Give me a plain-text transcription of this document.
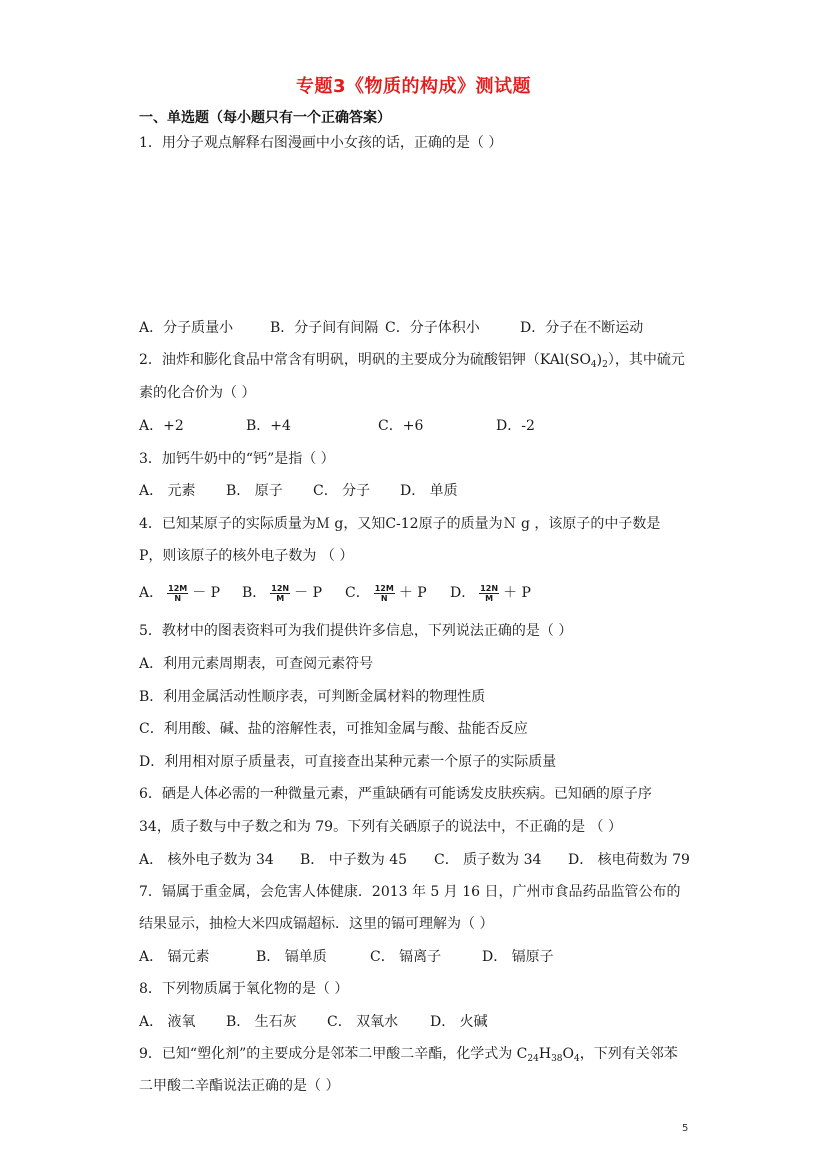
专题3《物质的构成》测试题
一、单选题（每小题只有一个正确答案）
1．用分子观点解释右图漫画中小女孩的话，正确的是（ ）
A．分子质量小	B．分子间有间隔 C．分子体积小	D．分子在不断运动
2．油炸和膨化食品中常含有明矾，明矾的主要成分为硫酸铝钾$(KAl(SO_4)_2)$，其中硫元
素的化合价为（ ）
A．+2	B．+4	C．+6	D．-2
3．加钙牛奶中的“钙”是指（ ）
A． 元素 B． 原子 C． 分子 D． 单质
4．已知某原子的实际质量为Ｍ g，又知C-12原子的质量为Ｎ g ，该原子的中子数是
P，则该原子的核外电子数为 （ ）
A． $\frac{12M}{N} - P$ B． $\frac{12N}{M} - P$ C． $\frac{12M}{N} + P$ D． $\frac{12N}{M} + P$
5．教材中的图表资料可为我们提供许多信息，下列说法正确的是（ ）
A．利用元素周期表，可查阅元素符号
B．利用金属活动性顺序表，可判断金属材料的物理性质
C．利用酸、碱、盐的溶解性表，可推知金属与酸、盐能否反应
D．利用相对原子质量表，可直接查出某种元素一个原子的实际质量
6．硒是人体必需的一种微量元素，严重缺硒有可能诱发皮肤疾病。已知硒的原子序
34，质子数与中子数之和为 79。下列有关硒原子的说法中，不正确的是 （ ）
A． 核外电子数为 34 B． 中子数为 45 C． 质子数为 34 D． 核电荷数为 79
7．镉属于重金属，会危害人体健康．2013 年 5 月 16 日，广州市食品药品监管公布的
结果显示，抽检大米四成镉超标．这里的镉可理解为（ ）
A． 镉元素	B． 镉单质	C． 镉离子	D． 镉原子
8．下列物质属于氧化物的是（ ）
A． 液氧 B． 生石灰 C． 双氧水 D． 火碱
9．已知“塑化剂”的主要成分是邻苯二甲酸二辛酯，化学式为 $C_{24}H_{38}O_4$，下列有关邻苯
二甲酸二辛酯说法正确的是（ ）
5
